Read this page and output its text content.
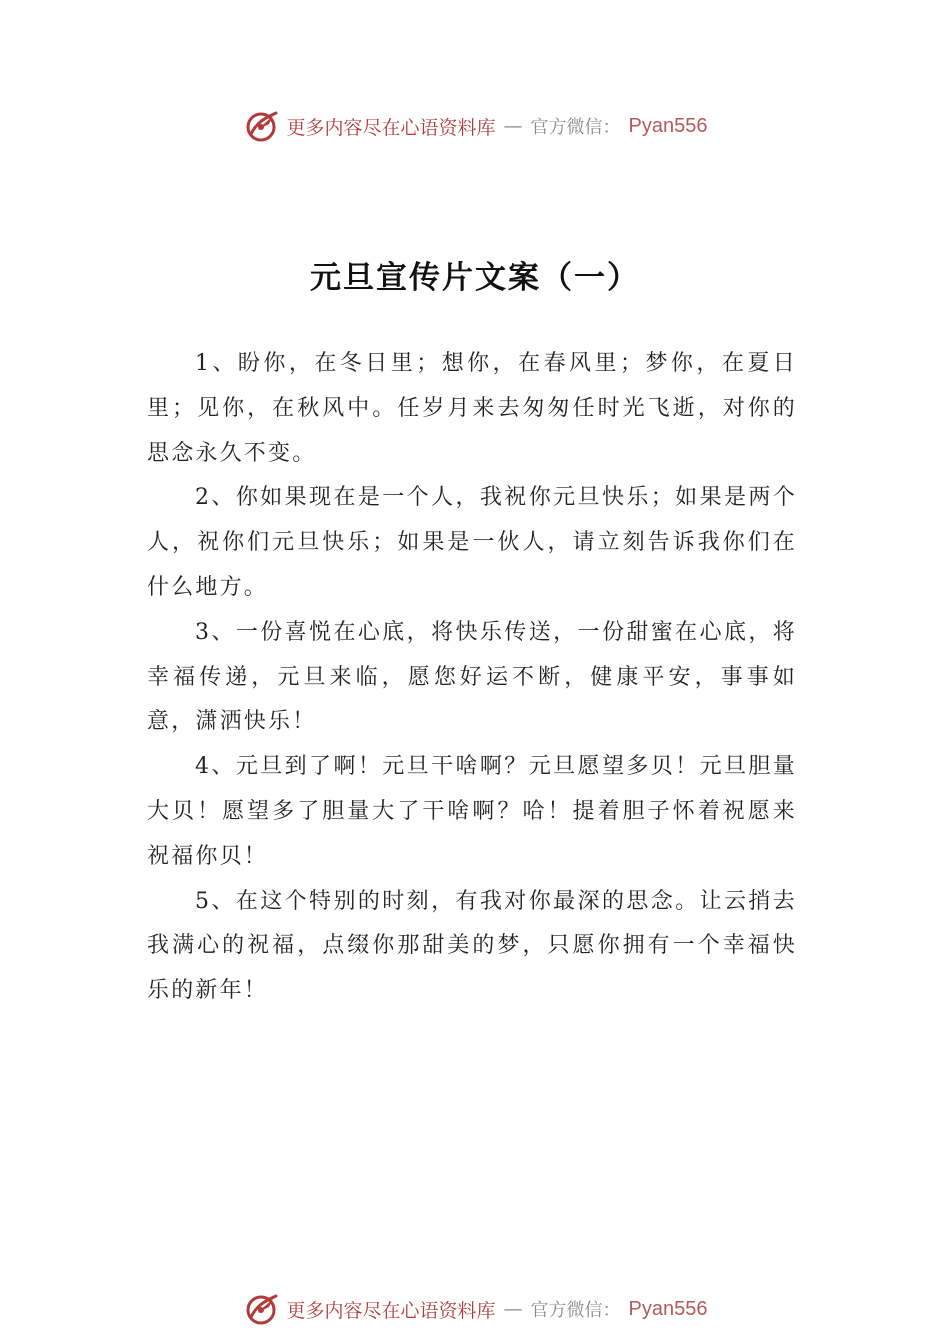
更多内容尽在心语资料库 — 官方微信： Pyan556
元旦宣传片文案（一）

1、盼你，在冬日里；想你，在春风里；梦你，在夏日里；见你，在秋风中。任岁月来去匆匆任时光飞逝，对你的思念永久不变。

2、你如果现在是一个人，我祝你元旦快乐；如果是两个人，祝你们元旦快乐；如果是一伙人，请立刻告诉我你们在什么地方。

3、一份喜悦在心底，将快乐传送，一份甜蜜在心底，将幸福传递，元旦来临，愿您好运不断，健康平安，事事如意，潇洒快乐！

4、元旦到了啊！元旦干啥啊？元旦愿望多贝！元旦胆量大贝！愿望多了胆量大了干啥啊？哈！提着胆子怀着祝愿来祝福你贝！

5、在这个特别的时刻，有我对你最深的思念。让云捎去我满心的祝福，点缀你那甜美的梦，只愿你拥有一个幸福快乐的新年！

更多内容尽在心语资料库 — 官方微信： Pyan556
